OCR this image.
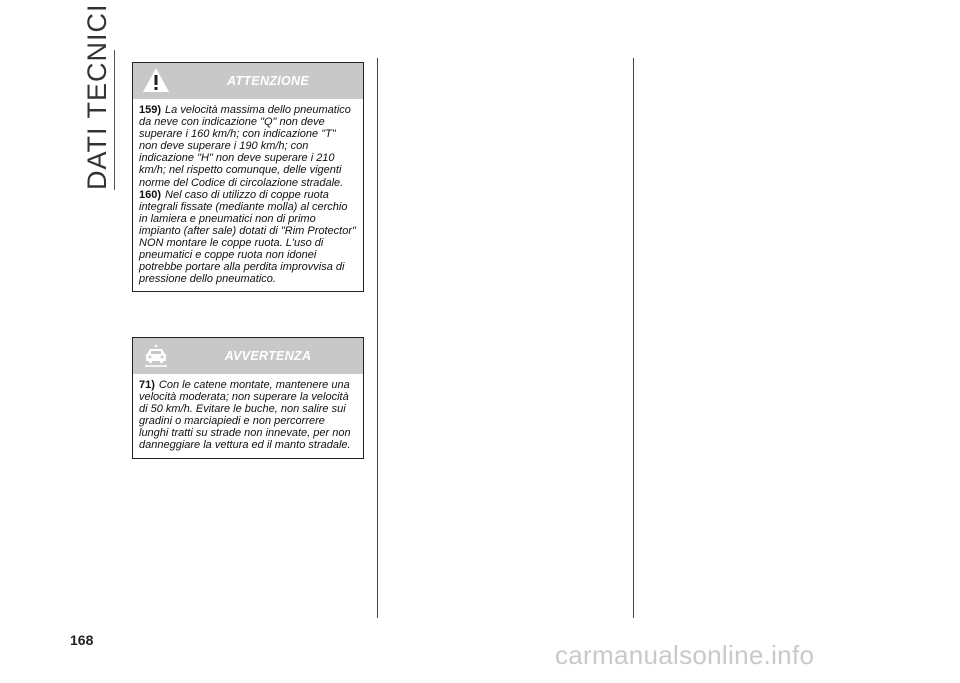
DATI TECNICI	ATTENZIONE

159) La velocità massima dello pneumatico da neve con indicazione "Q" non deve superare i 160 km/h; con indicazione "T" non deve superare i 190 km/h; con indicazione "H" non deve superare i 210 km/h; nel rispetto comunque, delle vigenti norme del Codice di circolazione stradale.

160) Nel caso di utilizzo di coppe ruota integrali fissate (mediante molla) al cerchio in lamiera e pneumatici non di primo impianto (after sale) dotati di "Rim Protector" NON montare le coppe ruota. L'uso di pneumatici e coppe ruota non idonei potrebbe portare alla perdita improvvisa di pressione dello pneumatico.

AVVERTENZA

71) Con le catene montate, mantenere una velocità moderata; non superare la velocità di 50 km/h. Evitare le buche, non salire sui gradini o marciapiedi e non percorrere lunghi tratti su strade non innevate, per non danneggiare la vettura ed il manto stradale.

168	carmanualsonline.info
